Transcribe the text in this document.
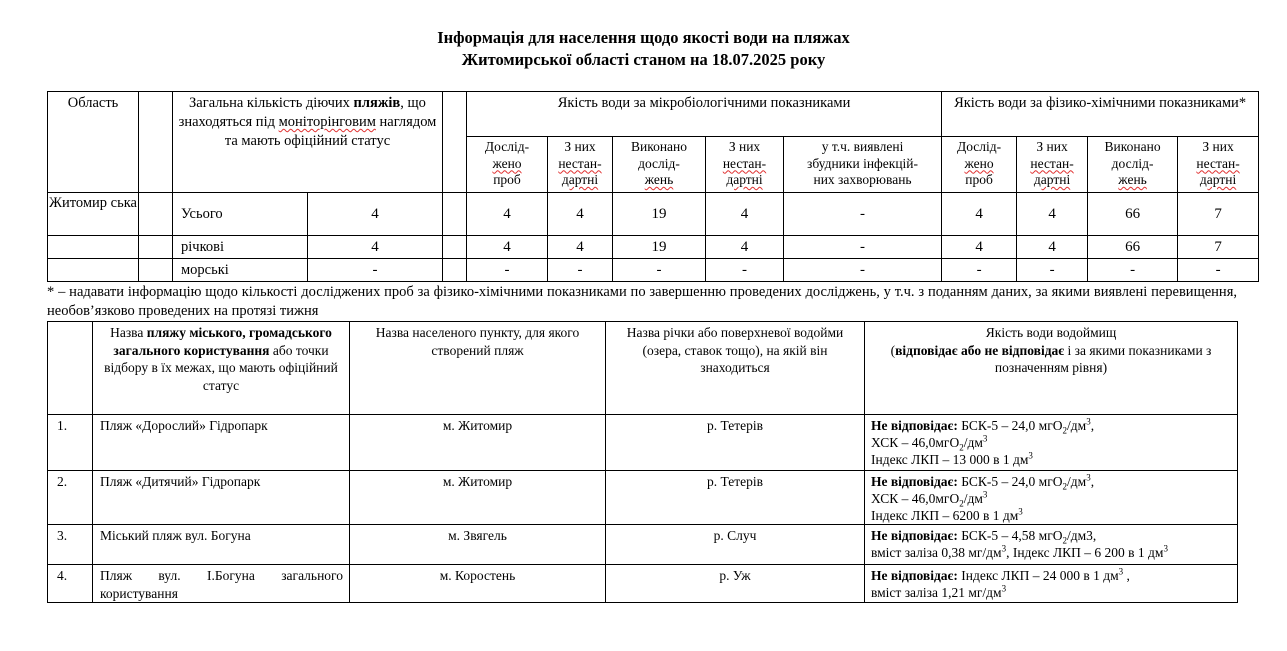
Інформація для населення щодо якості води на пляжах
Житомирської області станом на 18.07.2025 року
Область		Загальна кількість діючих пляжів, що знаходяться під моніторінговим наглядом та мають офіційний статус			Якість води за мікробіологічними показниками					Якість води за фізико-хімічними показниками*			
					Дослід-
жено
проб	З них
нестан-
дартні	Виконано
дослід-
жень	З них
нестан-
дартні	у т.ч. виявлені
збудники інфекцій-
них захворювань	Дослід-
жено
проб	З них
нестан-
дартні	Виконано
дослід-
жень	З них
нестан-
дартні
Житомир ська		Усього	4		4	4	19	4	-	4	4	66	7
		річкові	4		4	4	19	4	-	4	4	66	7
		морські	-		-	-	-	-	-	-	-	-	-
* – надавати інформацію щодо кількості досліджених проб за фізико-хімічними показниками по завершенню проведених досліджень, у т.ч. з поданням даних, за якими виявлені перевищення, необов’язково проведених на протязі тижня
	Назва пляжу міського, громадського загального користування або точки відбору в їх межах, що мають офіційний статус	Назва населеного пункту, для якого створений пляж	Назва річки або поверхневої водойми (озера, ставок тощо), на якій він знаходиться	Якість води водоймищ
(відповідає або не відповідає і за якими показниками з позначенням рівня)
1.	Пляж «Дорослий» Гідропарк	м. Житомир	р. Тетерів	Не відповідає: БСК-5 – 24,0 $мгО_2/дм^3$,
ХСК – $46,0мгО_2/дм^3$
Індекс ЛКП – 13 000 в 1 $дм^3$
2.	Пляж «Дитячий» Гідропарк	м. Житомир	р. Тетерів	Не відповідає: БСК-5 – 24,0 $мгО_2/дм^3$,
ХСК – $46,0мгО_2/дм^3$
Індекс ЛКП – 6200 в 1 $дм^3$
3.	Міський пляж вул. Богуна	м. Звягель	р. Случ	Не відповідає: БСК-5 – 4,58 мгО$_2$/дм3,
вміст заліза 0,38 $мг/дм^3$, Індекс ЛКП – 6 200 в 1 $дм^3$
4.	Пляж вул. І.Богуна загального користування	м. Коростень	р. Уж	Не відповідає: Індекс ЛКП – 24 000 в 1 $дм^3$ ,
вміст заліза 1,21 $мг/дм^3$
